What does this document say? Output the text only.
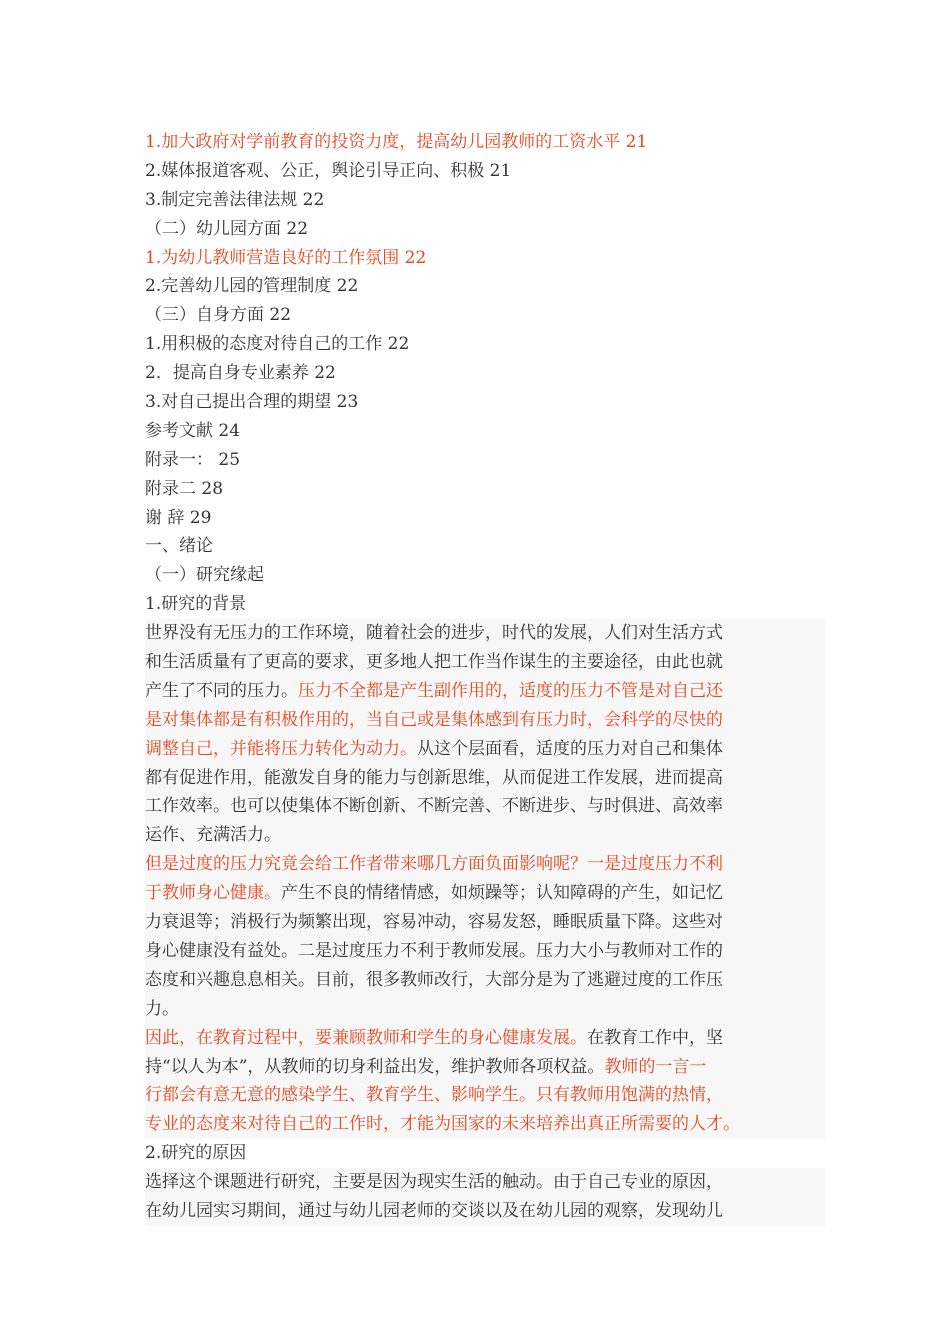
1.加大政府对学前教育的投资力度，提高幼儿园教师的工资水平 21
2.媒体报道客观、公正，舆论引导正向、积极 21
3.制定完善法律法规 22
（二）幼儿园方面 22
1.为幼儿教师营造良好的工作氛围 22
2.完善幼儿园的管理制度 22
（三）自身方面 22
1.用积极的态度对待自己的工作 22
2．提高自身专业素养 22
3.对自己提出合理的期望 23
参考文献 24
附录一： 25
附录二 28
谢 辞 29
一、绪论
（一）研究缘起
1.研究的背景
世界没有无压力的工作环境，随着社会的进步，时代的发展，人们对生活方式
和生活质量有了更高的要求，更多地人把工作当作谋生的主要途径，由此也就
产生了不同的压力。压力不全都是产生副作用的，适度的压力不管是对自己还
是对集体都是有积极作用的，当自己或是集体感到有压力时，会科学的尽快的
调整自己，并能将压力转化为动力。从这个层面看，适度的压力对自己和集体
都有促进作用，能激发自身的能力与创新思维，从而促进工作发展，进而提高
工作效率。也可以使集体不断创新、不断完善、不断进步、与时俱进、高效率
运作、充满活力。
但是过度的压力究竟会给工作者带来哪几方面负面影响呢？一是过度压力不利
于教师身心健康。产生不良的情绪情感，如烦躁等；认知障碍的产生，如记忆
力衰退等；消极行为频繁出现，容易冲动，容易发怒，睡眠质量下降。这些对
身心健康没有益处。二是过度压力不利于教师发展。压力大小与教师对工作的
态度和兴趣息息相关。目前，很多教师改行，大部分是为了逃避过度的工作压
力。
因此，在教育过程中，要兼顾教师和学生的身心健康发展。在教育工作中，坚
持“以人为本”，从教师的切身利益出发，维护教师各项权益。教师的一言一
行都会有意无意的感染学生、教育学生、影响学生。只有教师用饱满的热情，
专业的态度来对待自己的工作时，才能为国家的未来培养出真正所需要的人才。
2.研究的原因
选择这个课题进行研究，主要是因为现实生活的触动。由于自己专业的原因，
在幼儿园实习期间，通过与幼儿园老师的交谈以及在幼儿园的观察，发现幼儿
